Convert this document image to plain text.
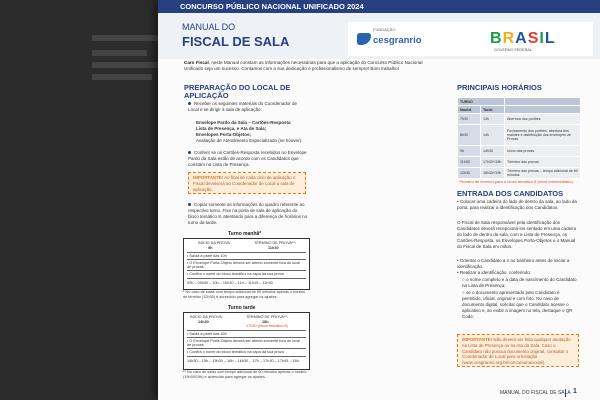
CONCURSO PÚBLICO NACIONAL UNIFICADO 2024
MANUAL DO
FISCAL DE SALA
FUNDAÇÃO
cesgranrio	BRASIL
GOVERNO FEDERAL
Caro Fiscal, neste Manual constam as informações necessárias para que a aplicação do Concurso Público Nacional Unificado seja um sucesso. Contamos com a sua dedicação e profissionalismo de sempre! Bom trabalho!
PREPARAÇÃO DO LOCAL DE
APLICAÇÃO
Receber os seguintes materiais do Coordenador de Local e se dirigir à sala de aplicação:
Envelope Pardo da Sala – Cartões-Resposta
Lista de Presença, e Ata de Sala;
Envelopes Porta-Objetos;
Avaliação de Atendimento Especializado (se houver).
Conferir se os Cartões-Resposta recebidos no Envelope Pardo da Sala estão de acordo com os Candidatos que constam na Lista de Presença.
IMPORTANTE! Ao final de cada ciclo de aplicação o Fiscal devolverá ao Coordenador de Local a sala de aplicação.
Copiar somente as informações do quadro referente ao respectivo turno. Fixe na porta de sala de aplicação do bloco temático 8, atentando para a diferença de horários no turno da tarde.
Turno manhã*
INÍCIO DA PROVA:
9h
TÉRMINO DE PROVA**:
11h30
• Saída a partir das 10h
• O Envelope Porta-Objeto deverá ser aberto somente fora do local de provas
• Confira o nome do bloco temático na capa da sua prova
09h – 09h30 – 10h – 10h30 – 11h – 11h15 – 11h30
* No caso de salas com tempo adicional de 60 minutos apenas o horário de término (12h30) é acrescido para agregar os ajustes.
Turno tarde
INÍCIO DA PROVA:
14h30
TÉRMINO DE PROVA**:
18h
17h30 (bloco temático 8)
• Saída a partir das 16h
• O Envelope Porta-Objeto deverá ser aberto somente fora do local de provas
• Confira o nome do bloco temático na capa da sua prova
14h30 – 15h – 15h30 – 16h – 16h30 – 17h – 17h30 – 17h45 – 18h
** No caso de salas com tempo adicional de 60 minutos apenas o horário (19h30/19h) é acrescido para agregar os ajustes.
PRINCIPAIS HORÁRIOS
TURNO		
Manhã	Tarde	
7h30	13h	Abertura dos portões
8h30	14h	Fechamento dos portões, abertura dos malotes e distribuição dos envelopes de Provas
9h	14h30	Início das provas
11h30	17h30*/18h	Término das provas
12h30	18h30*/19h	Término das provas – tempo adicional de 60 minutos
*Horário de término para o bloco temático 8 (nível intermediário).
ENTRADA DOS CANDIDATOS
• Colocar uma cadeira do lado de dentro da sala, ao lado da porta, para realizar a identificação dos Candidatos.
O Fiscal de Sala responsável pela identificação dos Candidatos deverá recepcioná-los sentado em uma cadeira do lado de dentro da sala, com a Lista de Presença, os Cartões-Resposta, os Envelopes Porta-Objetos e o Manual do Fiscal de Sala em mãos.
• Orientar o Candidato a ir ao banheiro antes de iniciar a identificação.
• Realizar a identificação, conferindo:
○ o nome completo e a data de nascimento do Candidato na Lista de Presença;
○ se o documento apresentado pelo Candidato é permitido, oficial, original e com foto. No caso de documento digital, solicitar que o Candidato acesse o aplicativo e, ao exibir a imagem no tela, destaque o QR Code;
IMPORTANTE! Não deverá ser feita qualquer anotação na Lista de Presença ou na Ata da Sala. Caso o Candidato não possua documento original, consultar o Coordenador de Local para orientação (www.cesgranrio.org.br/concursonacional).
MANUAL DO FISCAL DE SALA 1
